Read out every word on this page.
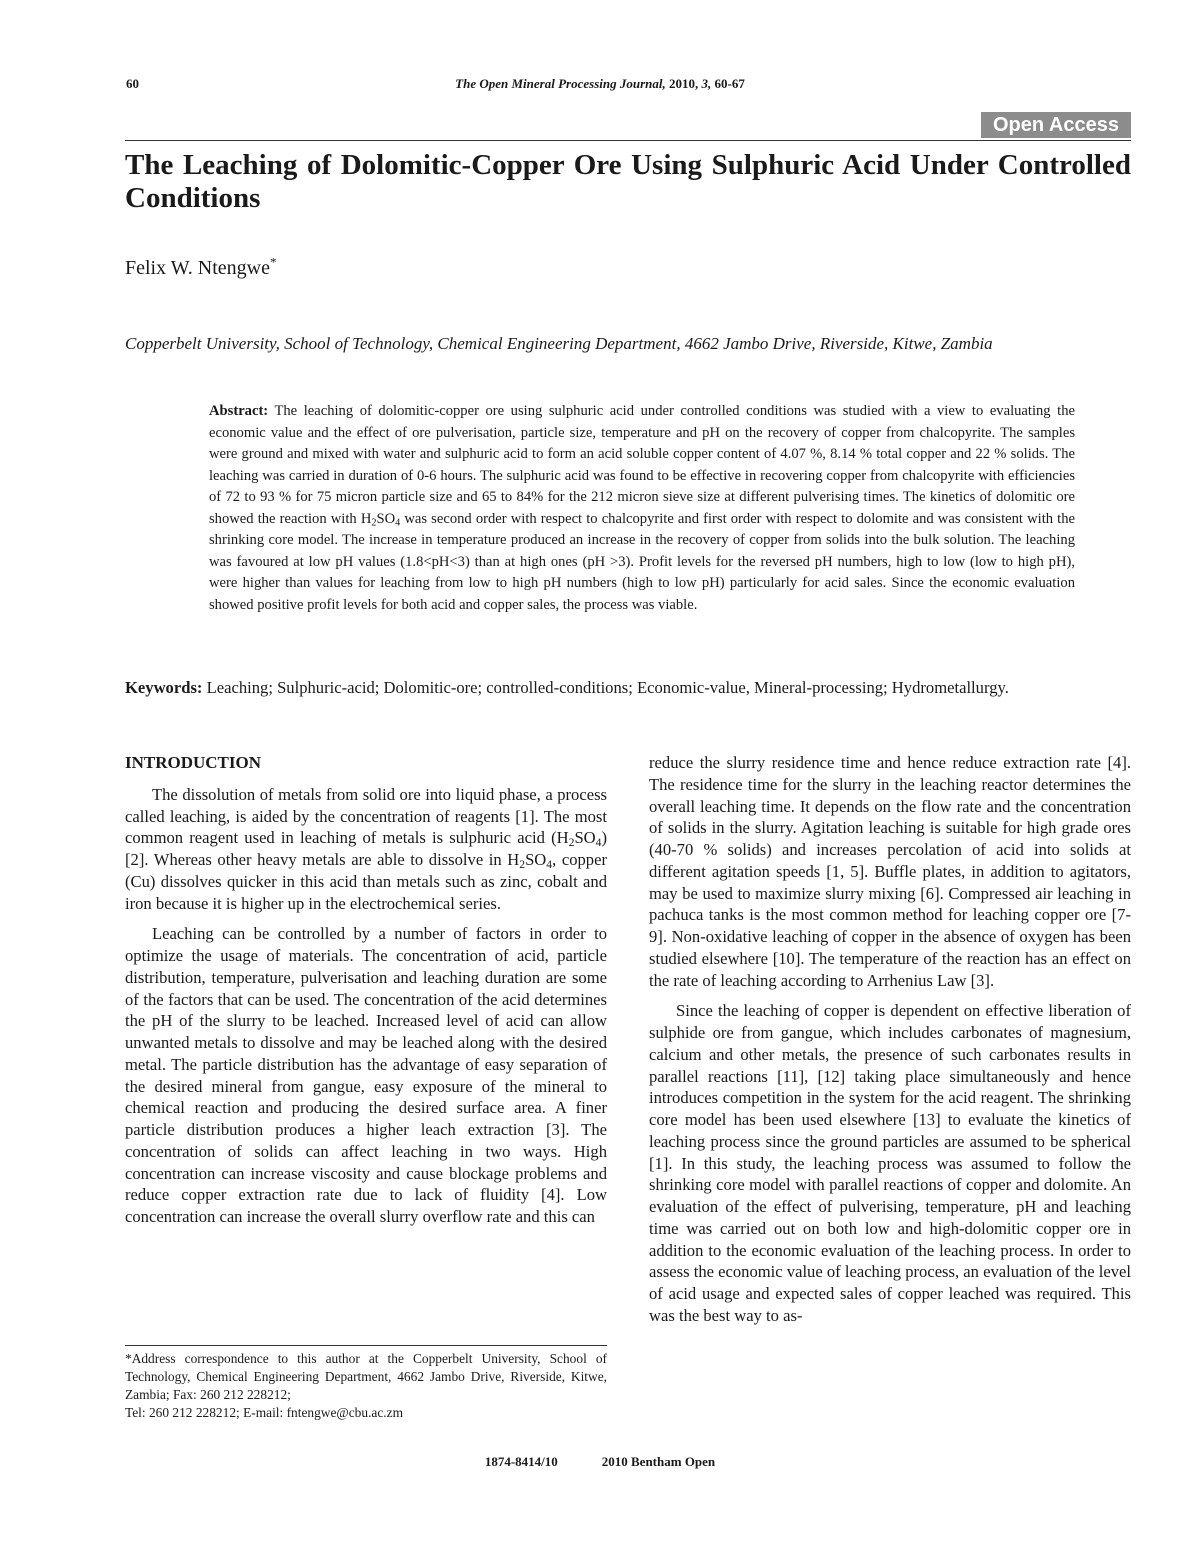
60	The Open Mineral Processing Journal, 2010, 3, 60-67
Open Access
The Leaching of Dolomitic-Copper Ore Using Sulphuric Acid Under Controlled Conditions
Felix W. Ntengwe*
Copperbelt University, School of Technology, Chemical Engineering Department, 4662 Jambo Drive, Riverside, Kitwe, Zambia
Abstract: The leaching of dolomitic-copper ore using sulphuric acid under controlled conditions was studied with a view to evaluating the economic value and the effect of ore pulverisation, particle size, temperature and pH on the recovery of copper from chalcopyrite. The samples were ground and mixed with water and sulphuric acid to form an acid soluble copper content of 4.07 %, 8.14 % total copper and 22 % solids. The leaching was carried in duration of 0-6 hours. The sulphuric acid was found to be effective in recovering copper from chalcopyrite with efficiencies of 72 to 93 % for 75 micron particle size and 65 to 84% for the 212 micron sieve size at different pulverising times. The kinetics of dolomitic ore showed the reaction with $H_2SO_4$ was second order with respect to chalcopyrite and first order with respect to dolomite and was consistent with the shrinking core model. The increase in temperature produced an increase in the recovery of copper from solids into the bulk solution. The leaching was favoured at low pH values (1.8<pH<3) than at high ones (pH >3). Profit levels for the reversed pH numbers, high to low (low to high pH), were higher than values for leaching from low to high pH numbers (high to low pH) particularly for acid sales. Since the economic evaluation showed positive profit levels for both acid and copper sales, the process was viable.
Keywords: Leaching; Sulphuric-acid; Dolomitic-ore; controlled-conditions; Economic-value, Mineral-processing; Hydrometallurgy.
INTRODUCTION

The dissolution of metals from solid ore into liquid phase, a process called leaching, is aided by the concentration of reagents [1]. The most common reagent used in leaching of metals is sulphuric acid $(H_2SO_4)$ [2]. Whereas other heavy metals are able to dissolve in $H_2SO_4$, copper (Cu) dissolves quicker in this acid than metals such as zinc, cobalt and iron because it is higher up in the electrochemical series.

Leaching can be controlled by a number of factors in order to optimize the usage of materials. The concentration of acid, particle distribution, temperature, pulverisation and leaching duration are some of the factors that can be used. The concentration of the acid determines the pH of the slurry to be leached. Increased level of acid can allow unwanted metals to dissolve and may be leached along with the desired metal. The particle distribution has the advantage of easy separation of the desired mineral from gangue, easy exposure of the mineral to chemical reaction and producing the desired surface area. A finer particle distribution produces a higher leach extraction [3]. The concentration of solids can affect leaching in two ways. High concentration can increase viscosity and cause blockage problems and reduce copper extraction rate due to lack of fluidity [4]. Low concentration can increase the overall slurry overflow rate and this can

*Address correspondence to this author at the Copperbelt University, School of Technology, Chemical Engineering Department, 4662 Jambo Drive, Riverside, Kitwe, Zambia; Fax: 260 212 228212;
Tel: 260 212 228212; E-mail: fntengwe@cbu.ac.zm

reduce the slurry residence time and hence reduce extraction rate [4]. The residence time for the slurry in the leaching reactor determines the overall leaching time. It depends on the flow rate and the concentration of solids in the slurry. Agitation leaching is suitable for high grade ores (40-70 % solids) and increases percolation of acid into solids at different agitation speeds [1, 5]. Buffle plates, in addition to agitators, may be used to maximize slurry mixing [6]. Compressed air leaching in pachuca tanks is the most common method for leaching copper ore [7-9]. Non-oxidative leaching of copper in the absence of oxygen has been studied elsewhere [10]. The temperature of the reaction has an effect on the rate of leaching according to Arrhenius Law [3].

Since the leaching of copper is dependent on effective liberation of sulphide ore from gangue, which includes carbonates of magnesium, calcium and other metals, the presence of such carbonates results in parallel reactions [11], [12] taking place simultaneously and hence introduces competition in the system for the acid reagent. The shrinking core model has been used elsewhere [13] to evaluate the kinetics of leaching process since the ground particles are assumed to be spherical [1]. In this study, the leaching process was assumed to follow the shrinking core model with parallel reactions of copper and dolomite. An evaluation of the effect of pulverising, temperature, pH and leaching time was carried out on both low and high-dolomitic copper ore in addition to the economic evaluation of the leaching process. In order to assess the economic value of leaching process, an evaluation of the level of acid usage and expected sales of copper leached was required. This was the best way to as-

1874-8414/10	2010 Bentham Open
